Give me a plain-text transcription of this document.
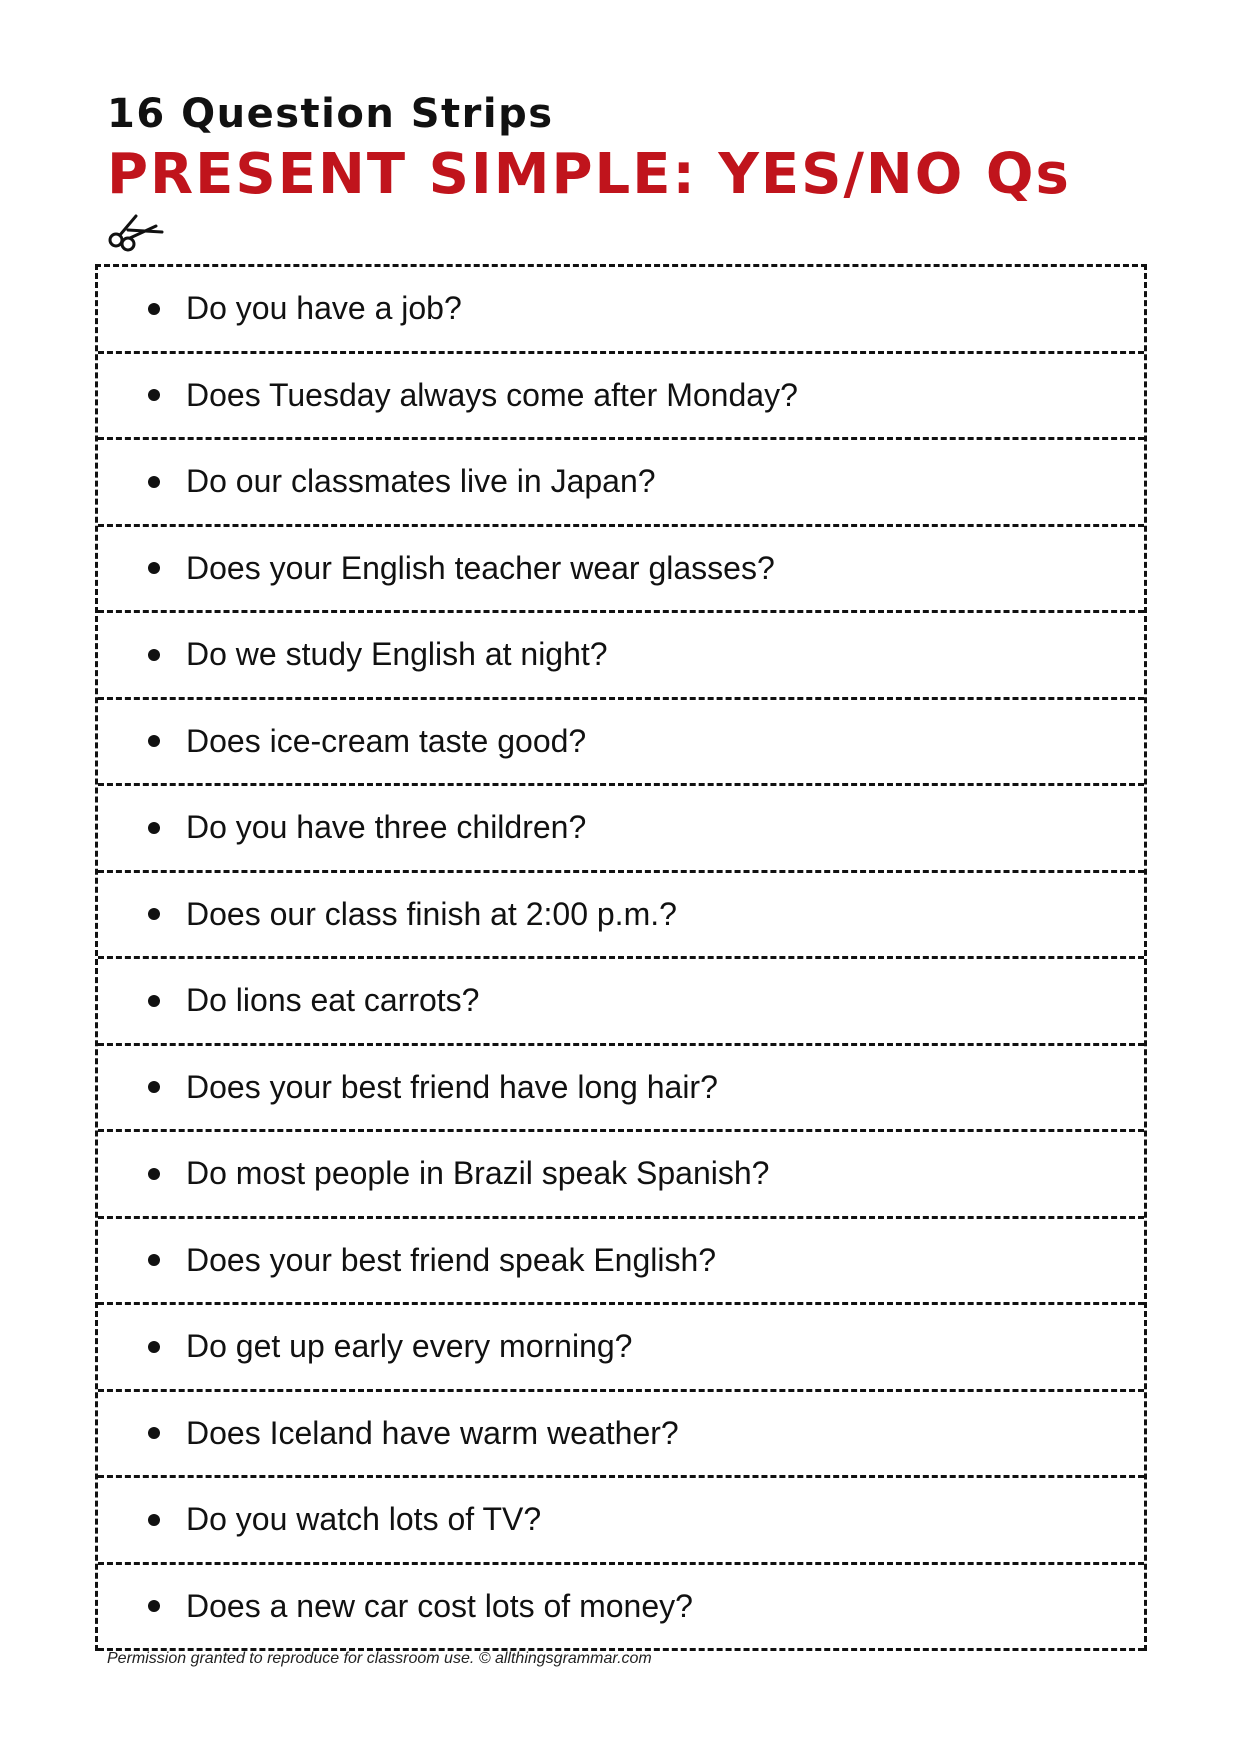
16 Question Strips
PRESENT SIMPLE: YES/NO Qs
Do you have a job?
Does Tuesday always come after Monday?
Do our classmates live in Japan?
Does your English teacher wear glasses?
Do we study English at night?
Does ice-cream taste good?
Do you have three children?
Does our class finish at 2:00 p.m.?
Do lions eat carrots?
Does your best friend have long hair?
Do most people in Brazil speak Spanish?
Does your best friend speak English?
Do get up early every morning?
Does Iceland have warm weather?
Do you watch lots of TV?
Does a new car cost lots of money?
Permission granted to reproduce for classroom use. © allthingsgrammar.com
